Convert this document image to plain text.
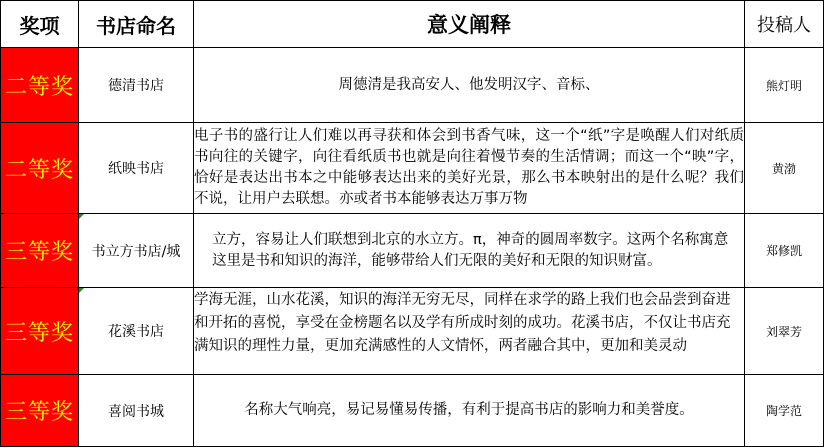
奖项	书店命名	意义阐释	投稿人
二等奖	德清书店	周德清是我高安人、他发明汉字、音标、	熊灯明
二等奖	纸映书店	电子书的盛行让人们难以再寻获和体会到书香气味，这一个“纸”字是唤醒人们对纸质书向往的关键字，向往看纸质书也就是向往着慢节奏的生活情调；而这一个“映”字，恰好是表达出书本之中能够表达出来的美好光景，那么书本映射出的是什么呢？我们不说，让用户去联想。亦或者书本能够表达万事万物	黄渤
三等奖	书立方书店/城	立方，容易让人们联想到北京的水立方。π，神奇的圆周率数字。这两个名称寓意这里是书和知识的海洋，能够带给人们无限的美好和无限的知识财富。	郑修凯
三等奖	花溪书店	学海无涯，山水花溪，知识的海洋无穷无尽，同样在求学的路上我们也会品尝到奋进和开拓的喜悦，享受在金榜题名以及学有所成时刻的成功。花溪书店，不仅让书店充满知识的理性力量，更加充满感性的人文情怀，两者融合其中，更加和美灵动	刘翠芳
三等奖	喜阅书城	名称大气响亮，易记易懂易传播，有利于提高书店的影响力和美誉度。	陶学范
